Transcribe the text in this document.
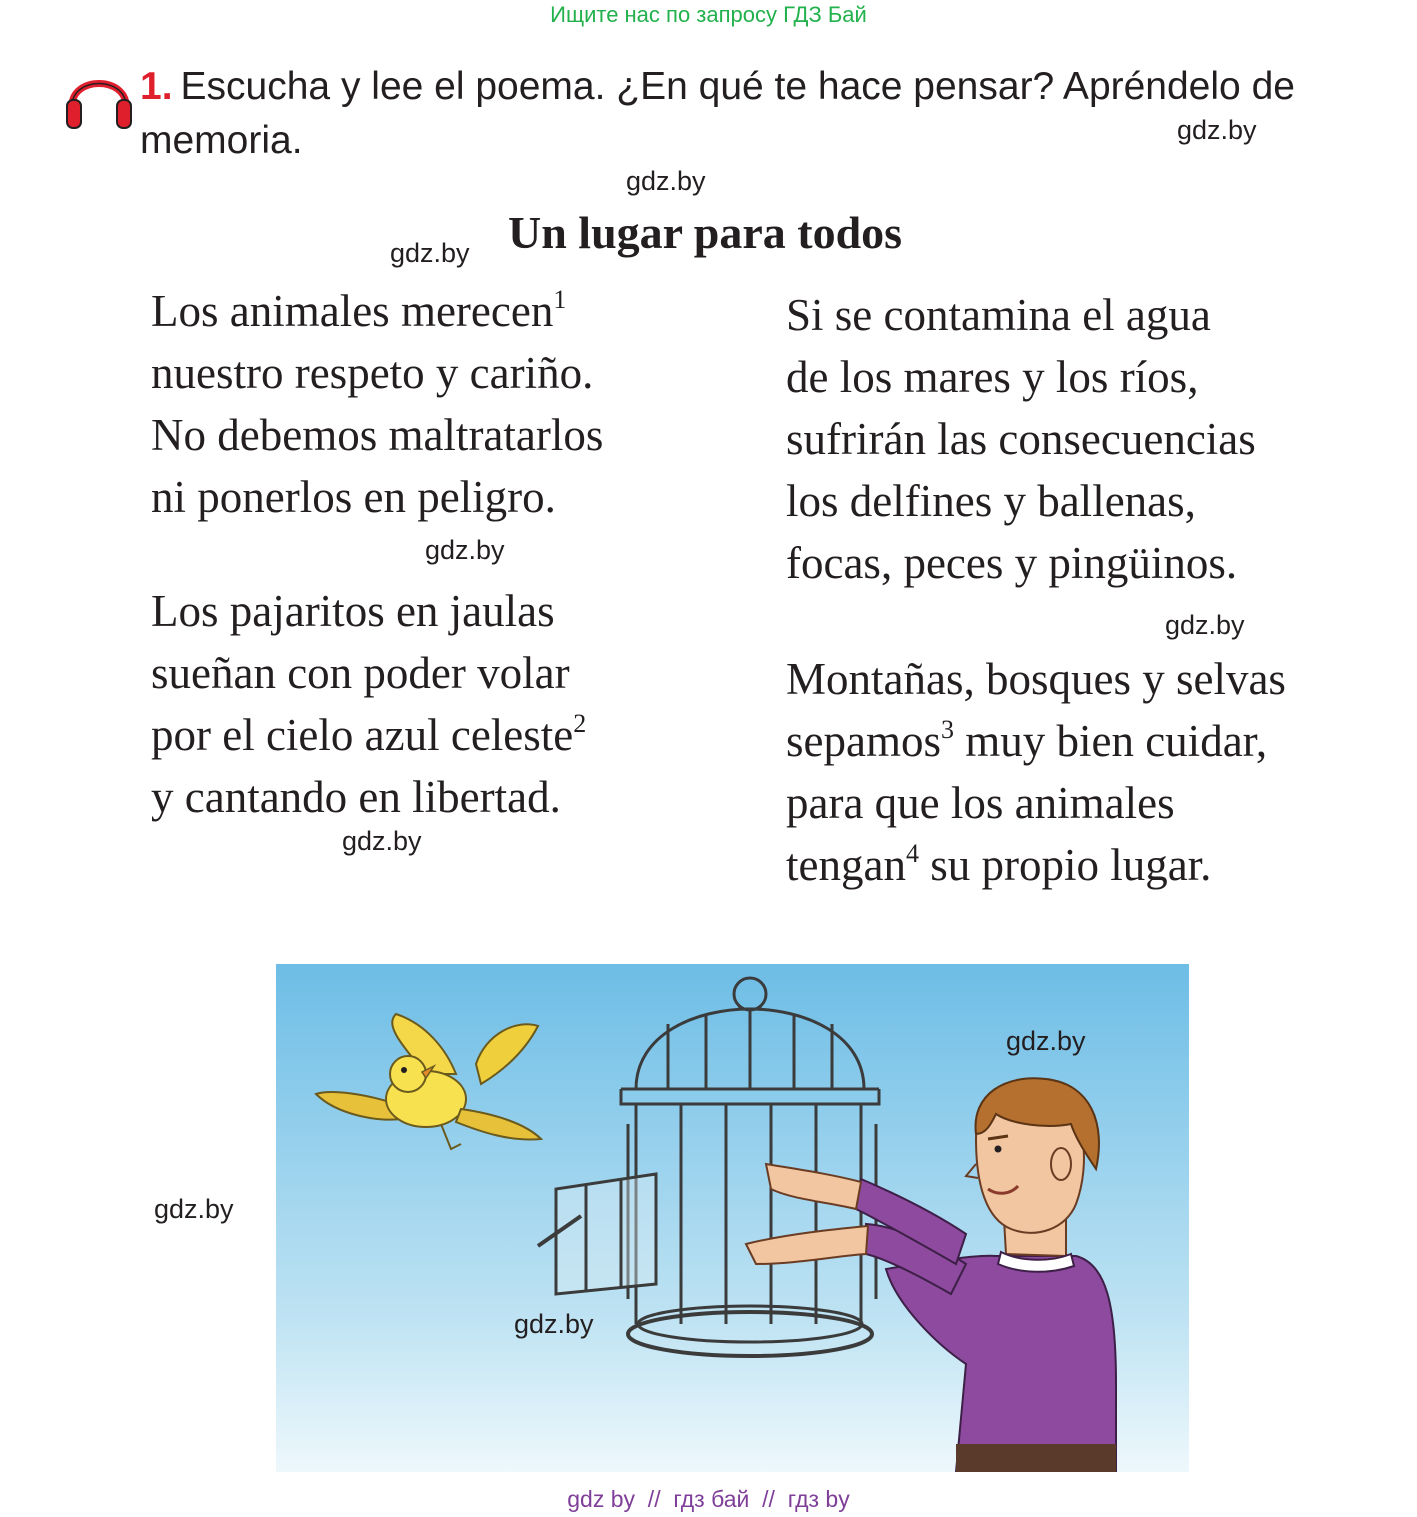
Ищите нас по запросу ГДЗ Бай
1. Escucha y lee el poema. ¿En qué te hace pensar? Apréndelo de memoria.	gdz.by
gdz.by
gdz.by Un lugar para todos
Los animales merecen$^1$
nuestro respeto y cariño.
No debemos maltratarlos
ni ponerlos en peligro.
gdz.by
Los pajaritos en jaulas
sueñan con poder volar
por el cielo azul celeste$^2$
y cantando en libertad.
gdz.by
Si se contamina el agua
de los mares y los ríos,
sufrirán las consecuencias
los delfines y ballenas,
focas, peces y pingüinos.
gdz.by
Montañas, bosques y selvas
sepamos$^3$ muy bien cuidar,
para que los animales
tengan$^4$ su propio lugar.
gdz.by
gdz.by
gdz.by
gdz by  //  гдз бай  //  гдз by
